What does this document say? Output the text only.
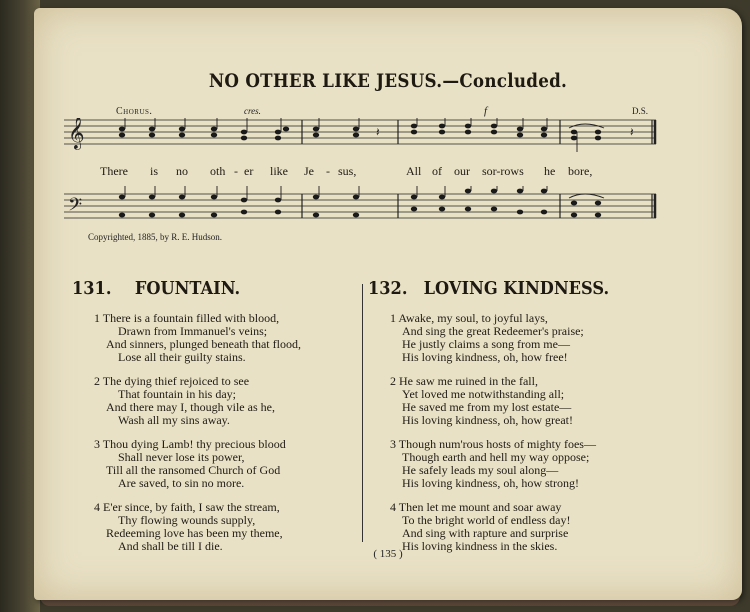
NO OTHER LIKE JESUS.—Concluded.
Chorus.	cres.	f	D.S.
𝄞	𝄽	𝄽
There is no oth - er like Je - sus,	All of our sor-rows he bore,
𝄢
Copyrighted, 1885, by R. E. Hudson.
131. FOUNTAIN.	132. LOVING KINDNESS.
1 There is a fountain filled with blood,
Drawn from Immanuel's veins;
And sinners, plunged beneath that flood,
Lose all their guilty stains.
2 The dying thief rejoiced to see
That fountain in his day;
And there may I, though vile as he,
Wash all my sins away.
3 Thou dying Lamb! thy precious blood
Shall never lose its power,
Till all the ransomed Church of God
Are saved, to sin no more.
4 E'er since, by faith, I saw the stream,
Thy flowing wounds supply,
Redeeming love has been my theme,
And shall be till I die.
1 Awake, my soul, to joyful lays,
And sing the great Redeemer's praise;
He justly claims a song from me—
His loving kindness, oh, how free!
2 He saw me ruined in the fall,
Yet loved me notwithstanding all;
He saved me from my lost estate—
His loving kindness, oh, how great!
3 Though num'rous hosts of mighty foes—
Though earth and hell my way oppose;
He safely leads my soul along—
His loving kindness, oh, how strong!
4 Then let me mount and soar away
To the bright world of endless day!
And sing with rapture and surprise
His loving kindness in the skies.
( 135 )
